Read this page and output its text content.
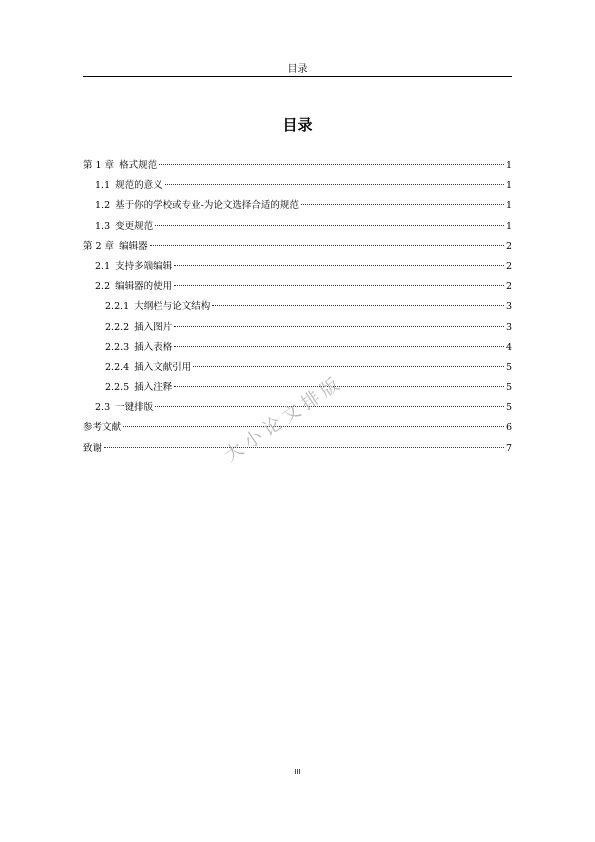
目录
目录
第 1 章 格式规范	1
1.1 规范的意义	1
1.2 基于你的学校或专业-为论文选择合适的规范	1
1.3 变更规范	1
第 2 章 编辑器	2
2.1 支持多端编辑	2
2.2 编辑器的使用	2
2.2.1 大纲栏与论文结构	3
2.2.2 插入图片	3
2.2.3 插入表格	4
2.2.4 插入文献引用	5
2.2.5 插入注释	5
2.3 一键排版	5
参考文献	6
致谢	7
大小论文排版
III
